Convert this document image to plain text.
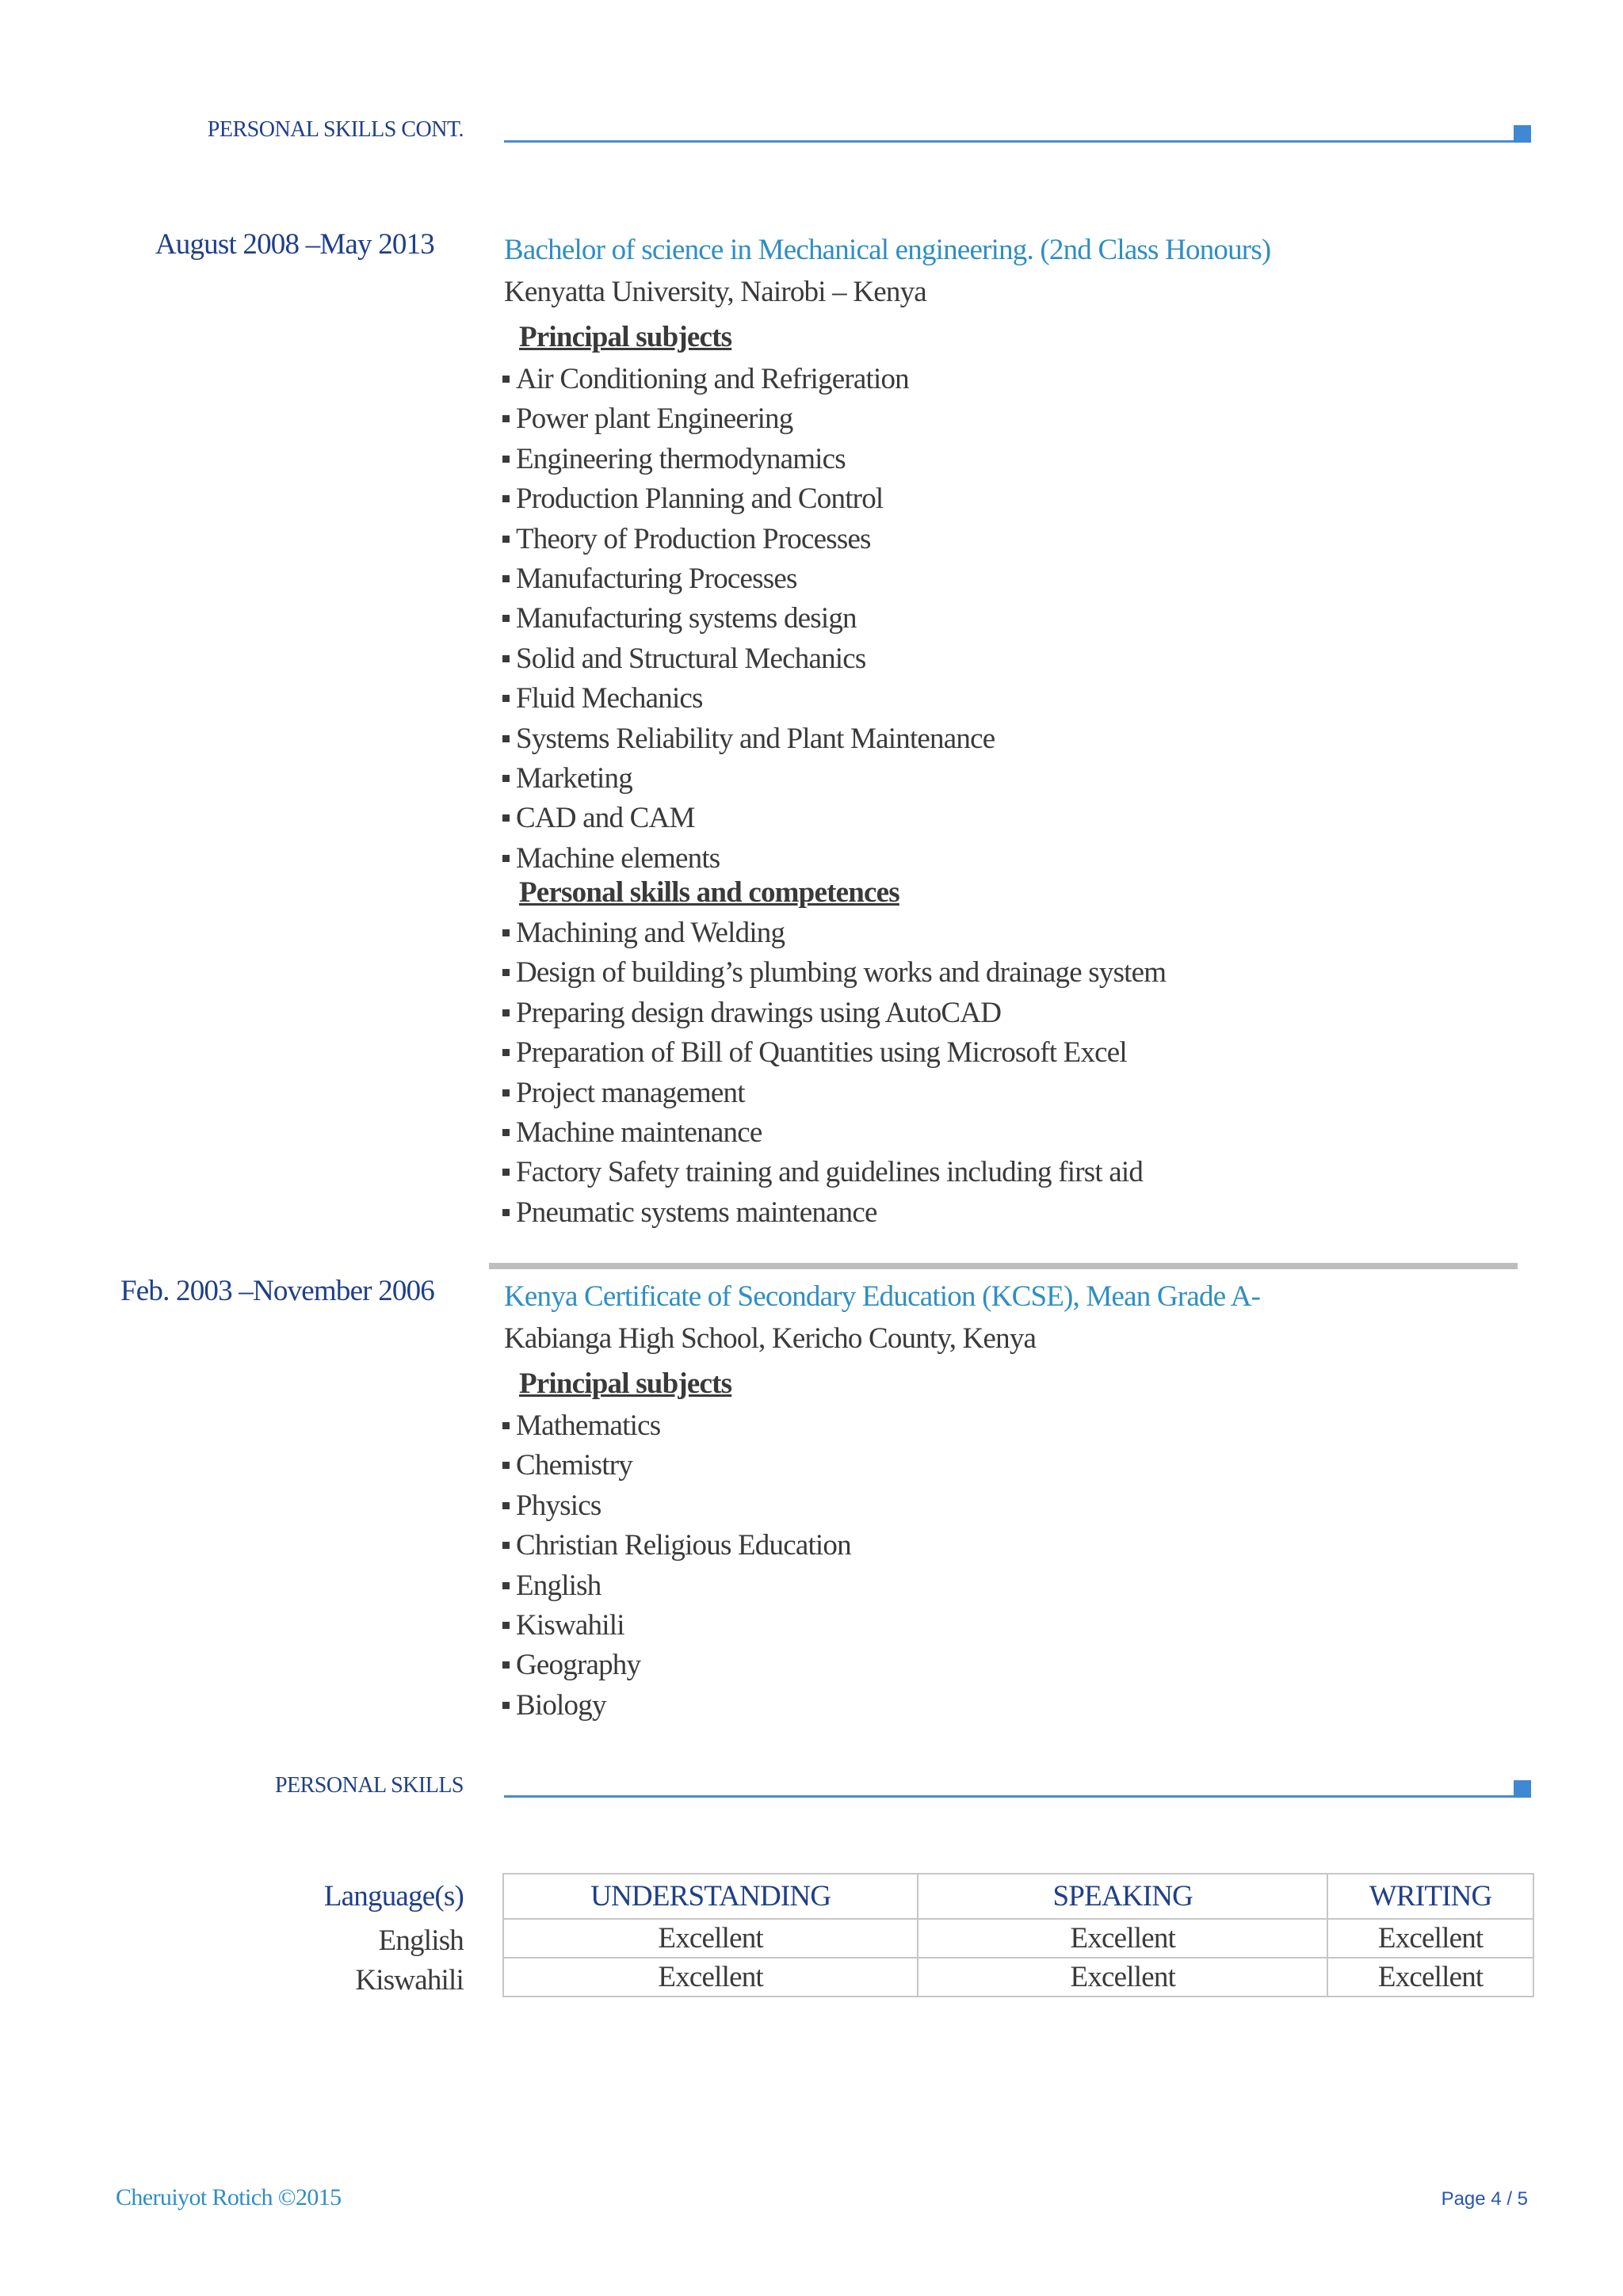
PERSONAL SKILLS CONT.
August 2008 –May 2013 Bachelor of science in Mechanical engineering. (2nd Class Honours)
Kenyatta University, Nairobi – Kenya
Principal subjects
Air Conditioning and Refrigeration
Power plant Engineering
Engineering thermodynamics
Production Planning and Control
Theory of Production Processes
Manufacturing Processes
Manufacturing systems design
Solid and Structural Mechanics
Fluid Mechanics
Systems Reliability and Plant Maintenance
Marketing
CAD and CAM
Machine elements
Personal skills and competences
Machining and Welding
Design of building’s plumbing works and drainage system
Preparing design drawings using AutoCAD
Preparation of Bill of Quantities using Microsoft Excel
Project management
Machine maintenance
Factory Safety training and guidelines including first aid
Pneumatic systems maintenance
Feb. 2003 –November 2006 Kenya Certificate of Secondary Education (KCSE), Mean Grade A-
Kabianga High School, Kericho County, Kenya
Principal subjects
Mathematics
Chemistry
Physics
Christian Religious Education
English
Kiswahili
Geography
Biology
PERSONAL SKILLS
Language(s)
English
Kiswahili
UNDERSTANDING	SPEAKING	WRITING
Excellent	Excellent	Excellent
Excellent	Excellent	Excellent
Cheruiyot Rotich ©2015	Page 4 / 5
